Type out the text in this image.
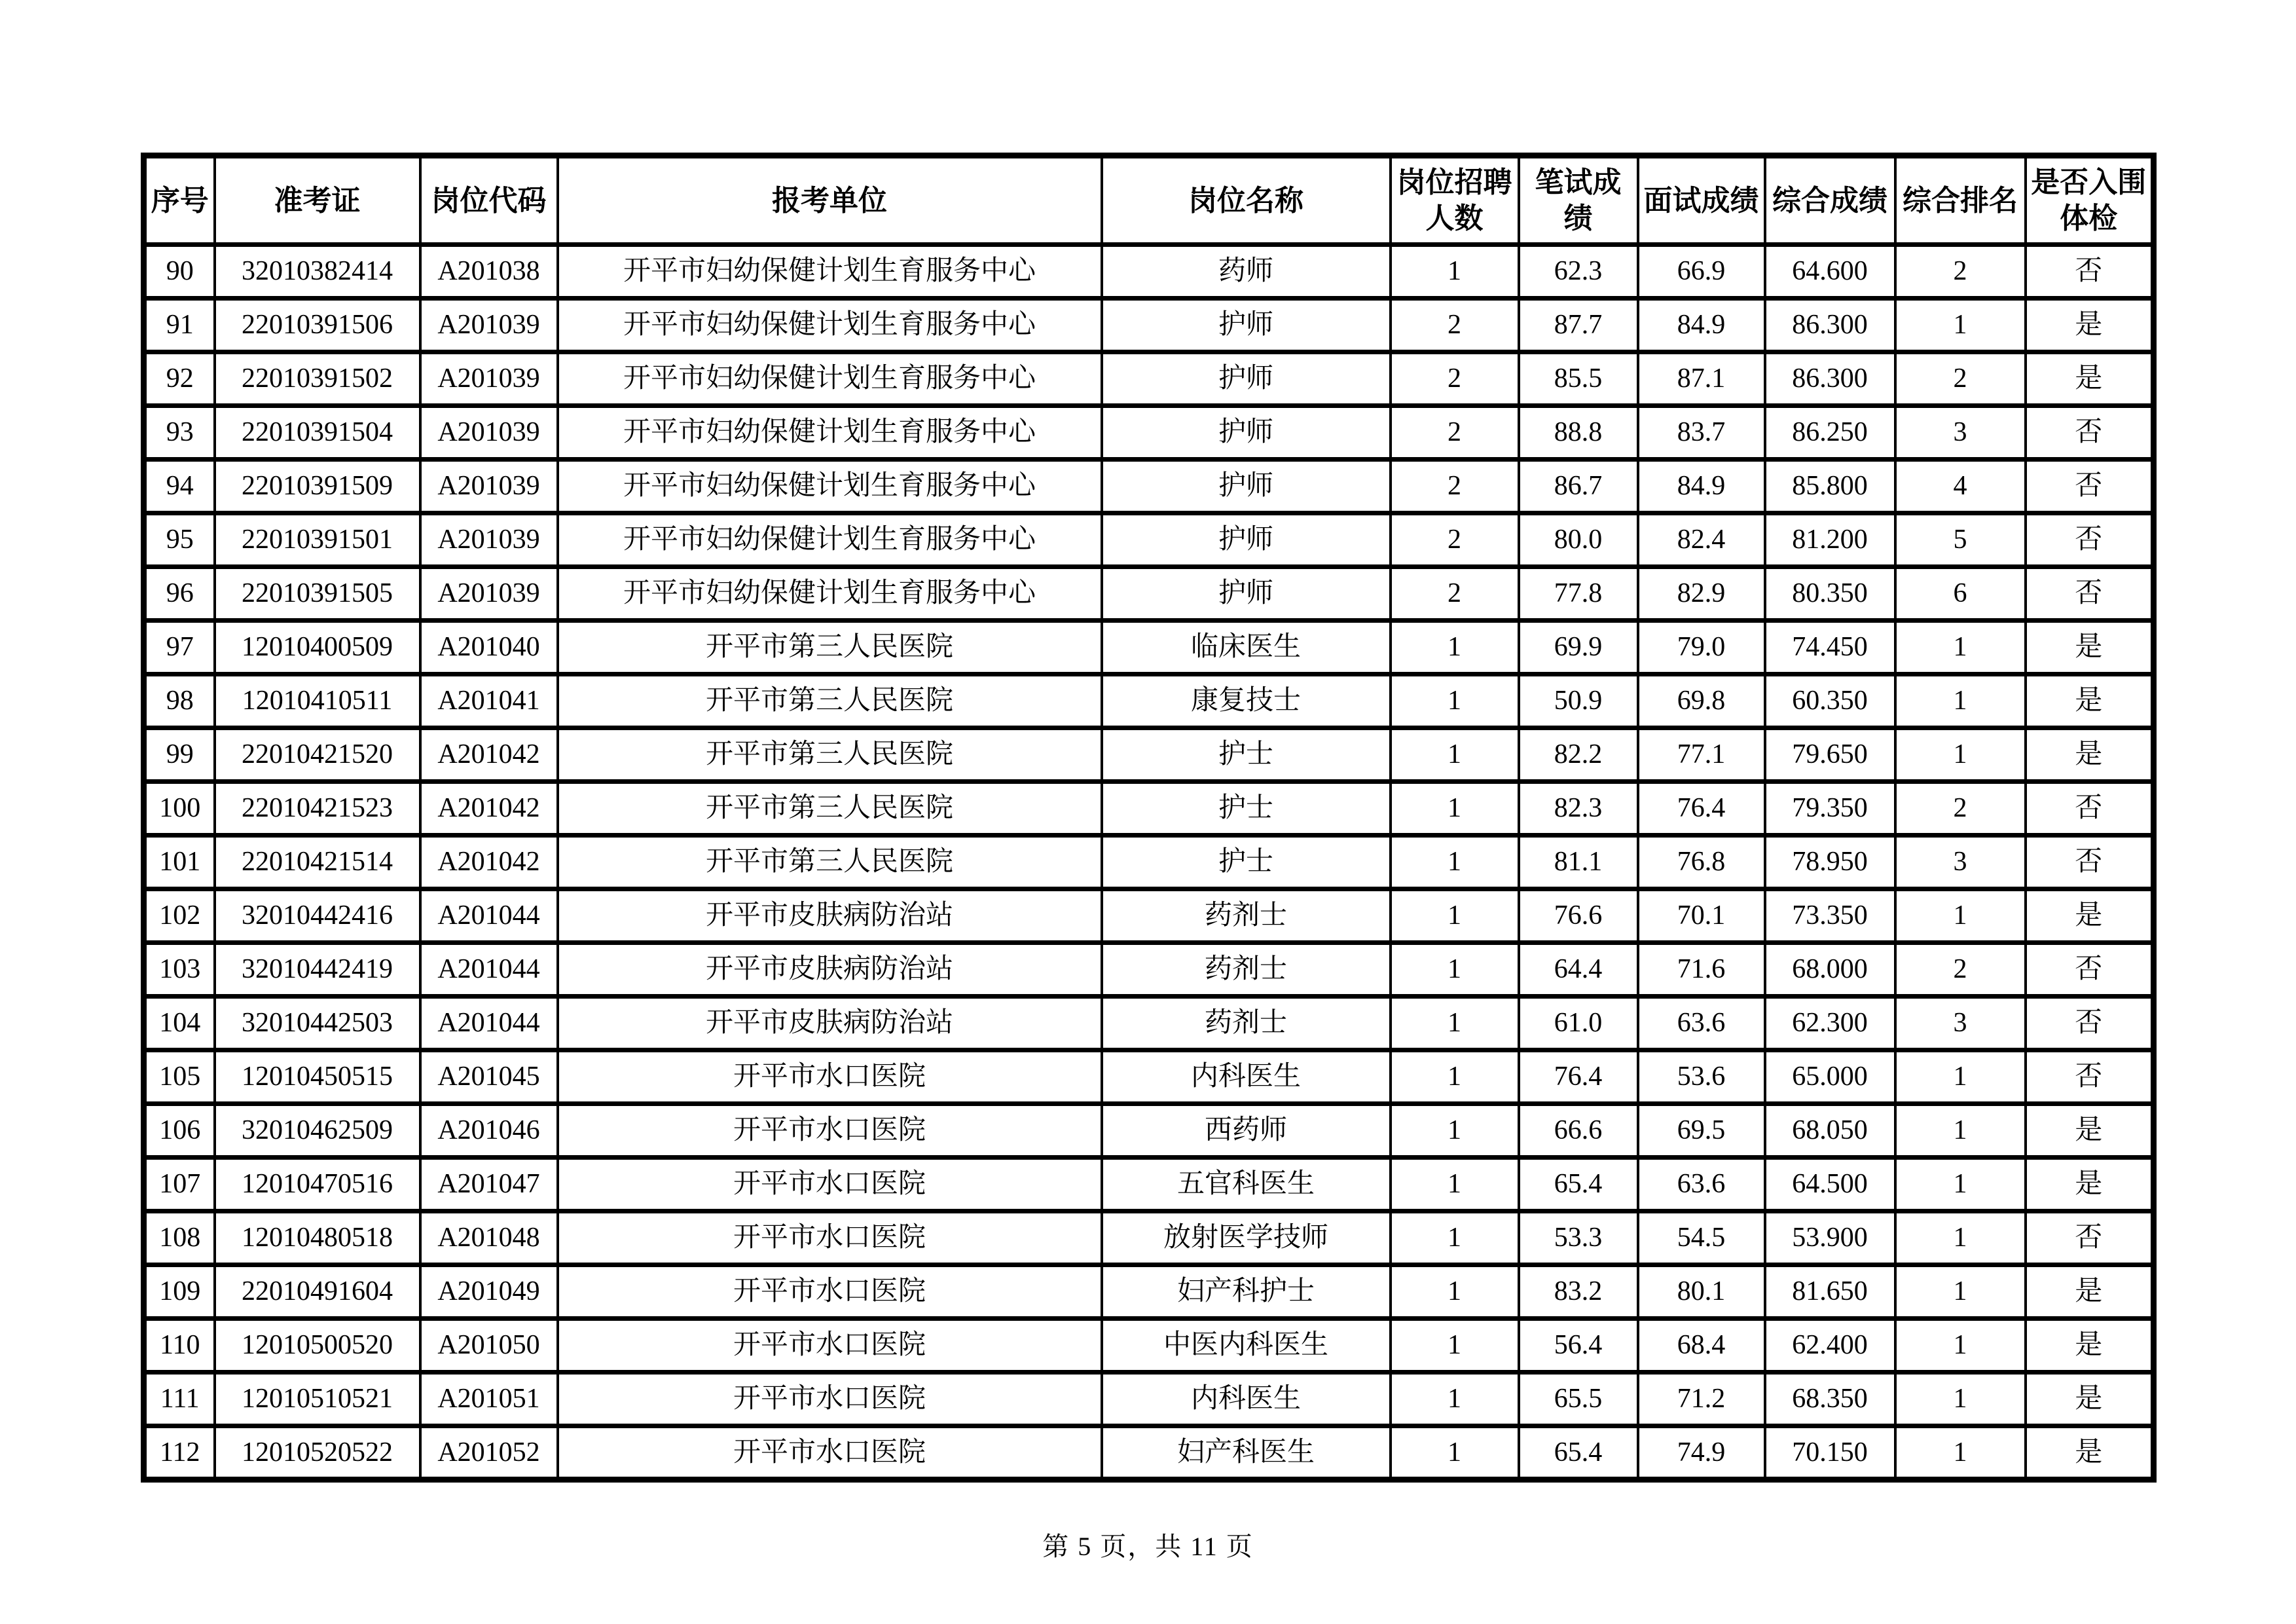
序号	准考证	岗位代码	报考单位	岗位名称	岗位招聘人数	笔试成绩	面试成绩	综合成绩	综合排名	是否入围体检
90	32010382414	A201038	开平市妇幼保健计划生育服务中心	药师	1	62.3	66.9	64.600	2	否
91	22010391506	A201039	开平市妇幼保健计划生育服务中心	护师	2	87.7	84.9	86.300	1	是
92	22010391502	A201039	开平市妇幼保健计划生育服务中心	护师	2	85.5	87.1	86.300	2	是
93	22010391504	A201039	开平市妇幼保健计划生育服务中心	护师	2	88.8	83.7	86.250	3	否
94	22010391509	A201039	开平市妇幼保健计划生育服务中心	护师	2	86.7	84.9	85.800	4	否
95	22010391501	A201039	开平市妇幼保健计划生育服务中心	护师	2	80.0	82.4	81.200	5	否
96	22010391505	A201039	开平市妇幼保健计划生育服务中心	护师	2	77.8	82.9	80.350	6	否
97	12010400509	A201040	开平市第三人民医院	临床医生	1	69.9	79.0	74.450	1	是
98	12010410511	A201041	开平市第三人民医院	康复技士	1	50.9	69.8	60.350	1	是
99	22010421520	A201042	开平市第三人民医院	护士	1	82.2	77.1	79.650	1	是
100	22010421523	A201042	开平市第三人民医院	护士	1	82.3	76.4	79.350	2	否
101	22010421514	A201042	开平市第三人民医院	护士	1	81.1	76.8	78.950	3	否
102	32010442416	A201044	开平市皮肤病防治站	药剂士	1	76.6	70.1	73.350	1	是
103	32010442419	A201044	开平市皮肤病防治站	药剂士	1	64.4	71.6	68.000	2	否
104	32010442503	A201044	开平市皮肤病防治站	药剂士	1	61.0	63.6	62.300	3	否
105	12010450515	A201045	开平市水口医院	内科医生	1	76.4	53.6	65.000	1	否
106	32010462509	A201046	开平市水口医院	西药师	1	66.6	69.5	68.050	1	是
107	12010470516	A201047	开平市水口医院	五官科医生	1	65.4	63.6	64.500	1	是
108	12010480518	A201048	开平市水口医院	放射医学技师	1	53.3	54.5	53.900	1	否
109	22010491604	A201049	开平市水口医院	妇产科护士	1	83.2	80.1	81.650	1	是
110	12010500520	A201050	开平市水口医院	中医内科医生	1	56.4	68.4	62.400	1	是
111	12010510521	A201051	开平市水口医院	内科医生	1	65.5	71.2	68.350	1	是
112	12010520522	A201052	开平市水口医院	妇产科医生	1	65.4	74.9	70.150	1	是
第 5 页，共 11 页
